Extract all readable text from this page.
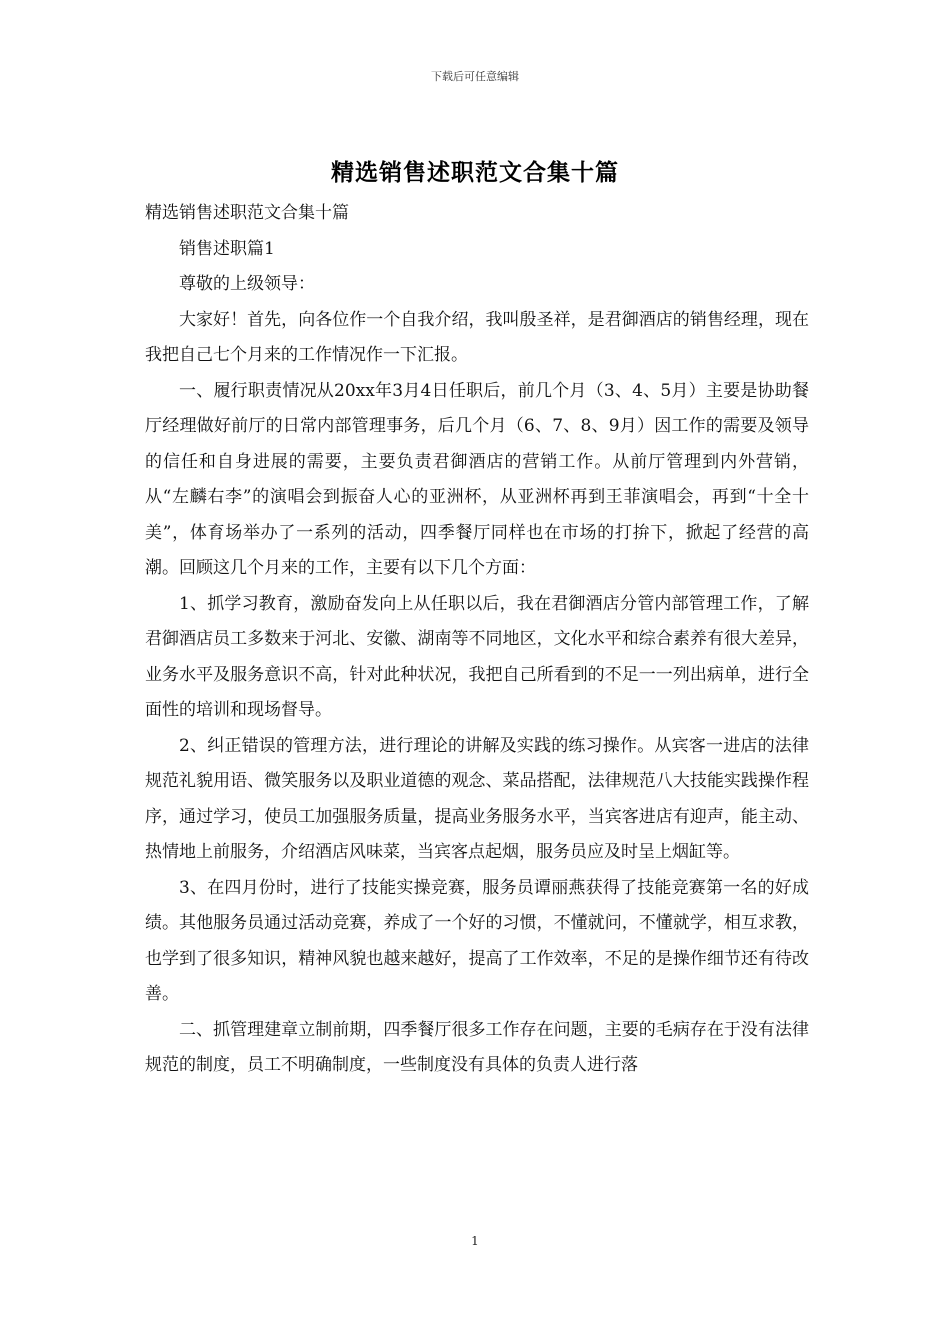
下载后可任意编辑
精选销售述职范文合集十篇

精选销售述职范文合集十篇

销售述职篇1

尊敬的上级领导：

大家好！首先，向各位作一个自我介绍，我叫殷圣祥，是君御酒店的销售经理，现在我把自己七个月来的工作情况作一下汇报。

一、履行职责情况从20xx年3月4日任职后，前几个月（3、4、5月）主要是协助餐厅经理做好前厅的日常内部管理事务，后几个月（6、7、8、9月）因工作的需要及领导的信任和自身进展的需要，主要负责君御酒店的营销工作。从前厅管理到内外营销，从“左麟右李”的演唱会到振奋人心的亚洲杯，从亚洲杯再到王菲演唱会，再到“十全十美”，体育场举办了一系列的活动，四季餐厅同样也在市场的打拚下，掀起了经营的高潮。回顾这几个月来的工作，主要有以下几个方面：

1、抓学习教育，激励奋发向上从任职以后，我在君御酒店分管内部管理工作，了解君御酒店员工多数来于河北、安徽、湖南等不同地区，文化水平和综合素养有很大差异，业务水平及服务意识不高，针对此种状况，我把自己所看到的不足一一列出病单，进行全面性的培训和现场督导。

2、纠正错误的管理方法，进行理论的讲解及实践的练习操作。从宾客一进店的法律规范礼貌用语、微笑服务以及职业道德的观念、菜品搭配，法律规范八大技能实践操作程序，通过学习，使员工加强服务质量，提高业务服务水平，当宾客进店有迎声，能主动、热情地上前服务，介绍酒店风味菜，当宾客点起烟，服务员应及时呈上烟缸等。

3、在四月份时，进行了技能实操竞赛，服务员谭丽燕获得了技能竞赛第一名的好成绩。其他服务员通过活动竞赛，养成了一个好的习惯，不懂就问，不懂就学，相互求教，也学到了很多知识，精神风貌也越来越好，提高了工作效率，不足的是操作细节还有待改善。

二、抓管理建章立制前期，四季餐厅很多工作存在问题，主要的毛病存在于没有法律规范的制度，员工不明确制度，一些制度没有具体的负责人进行落

1
